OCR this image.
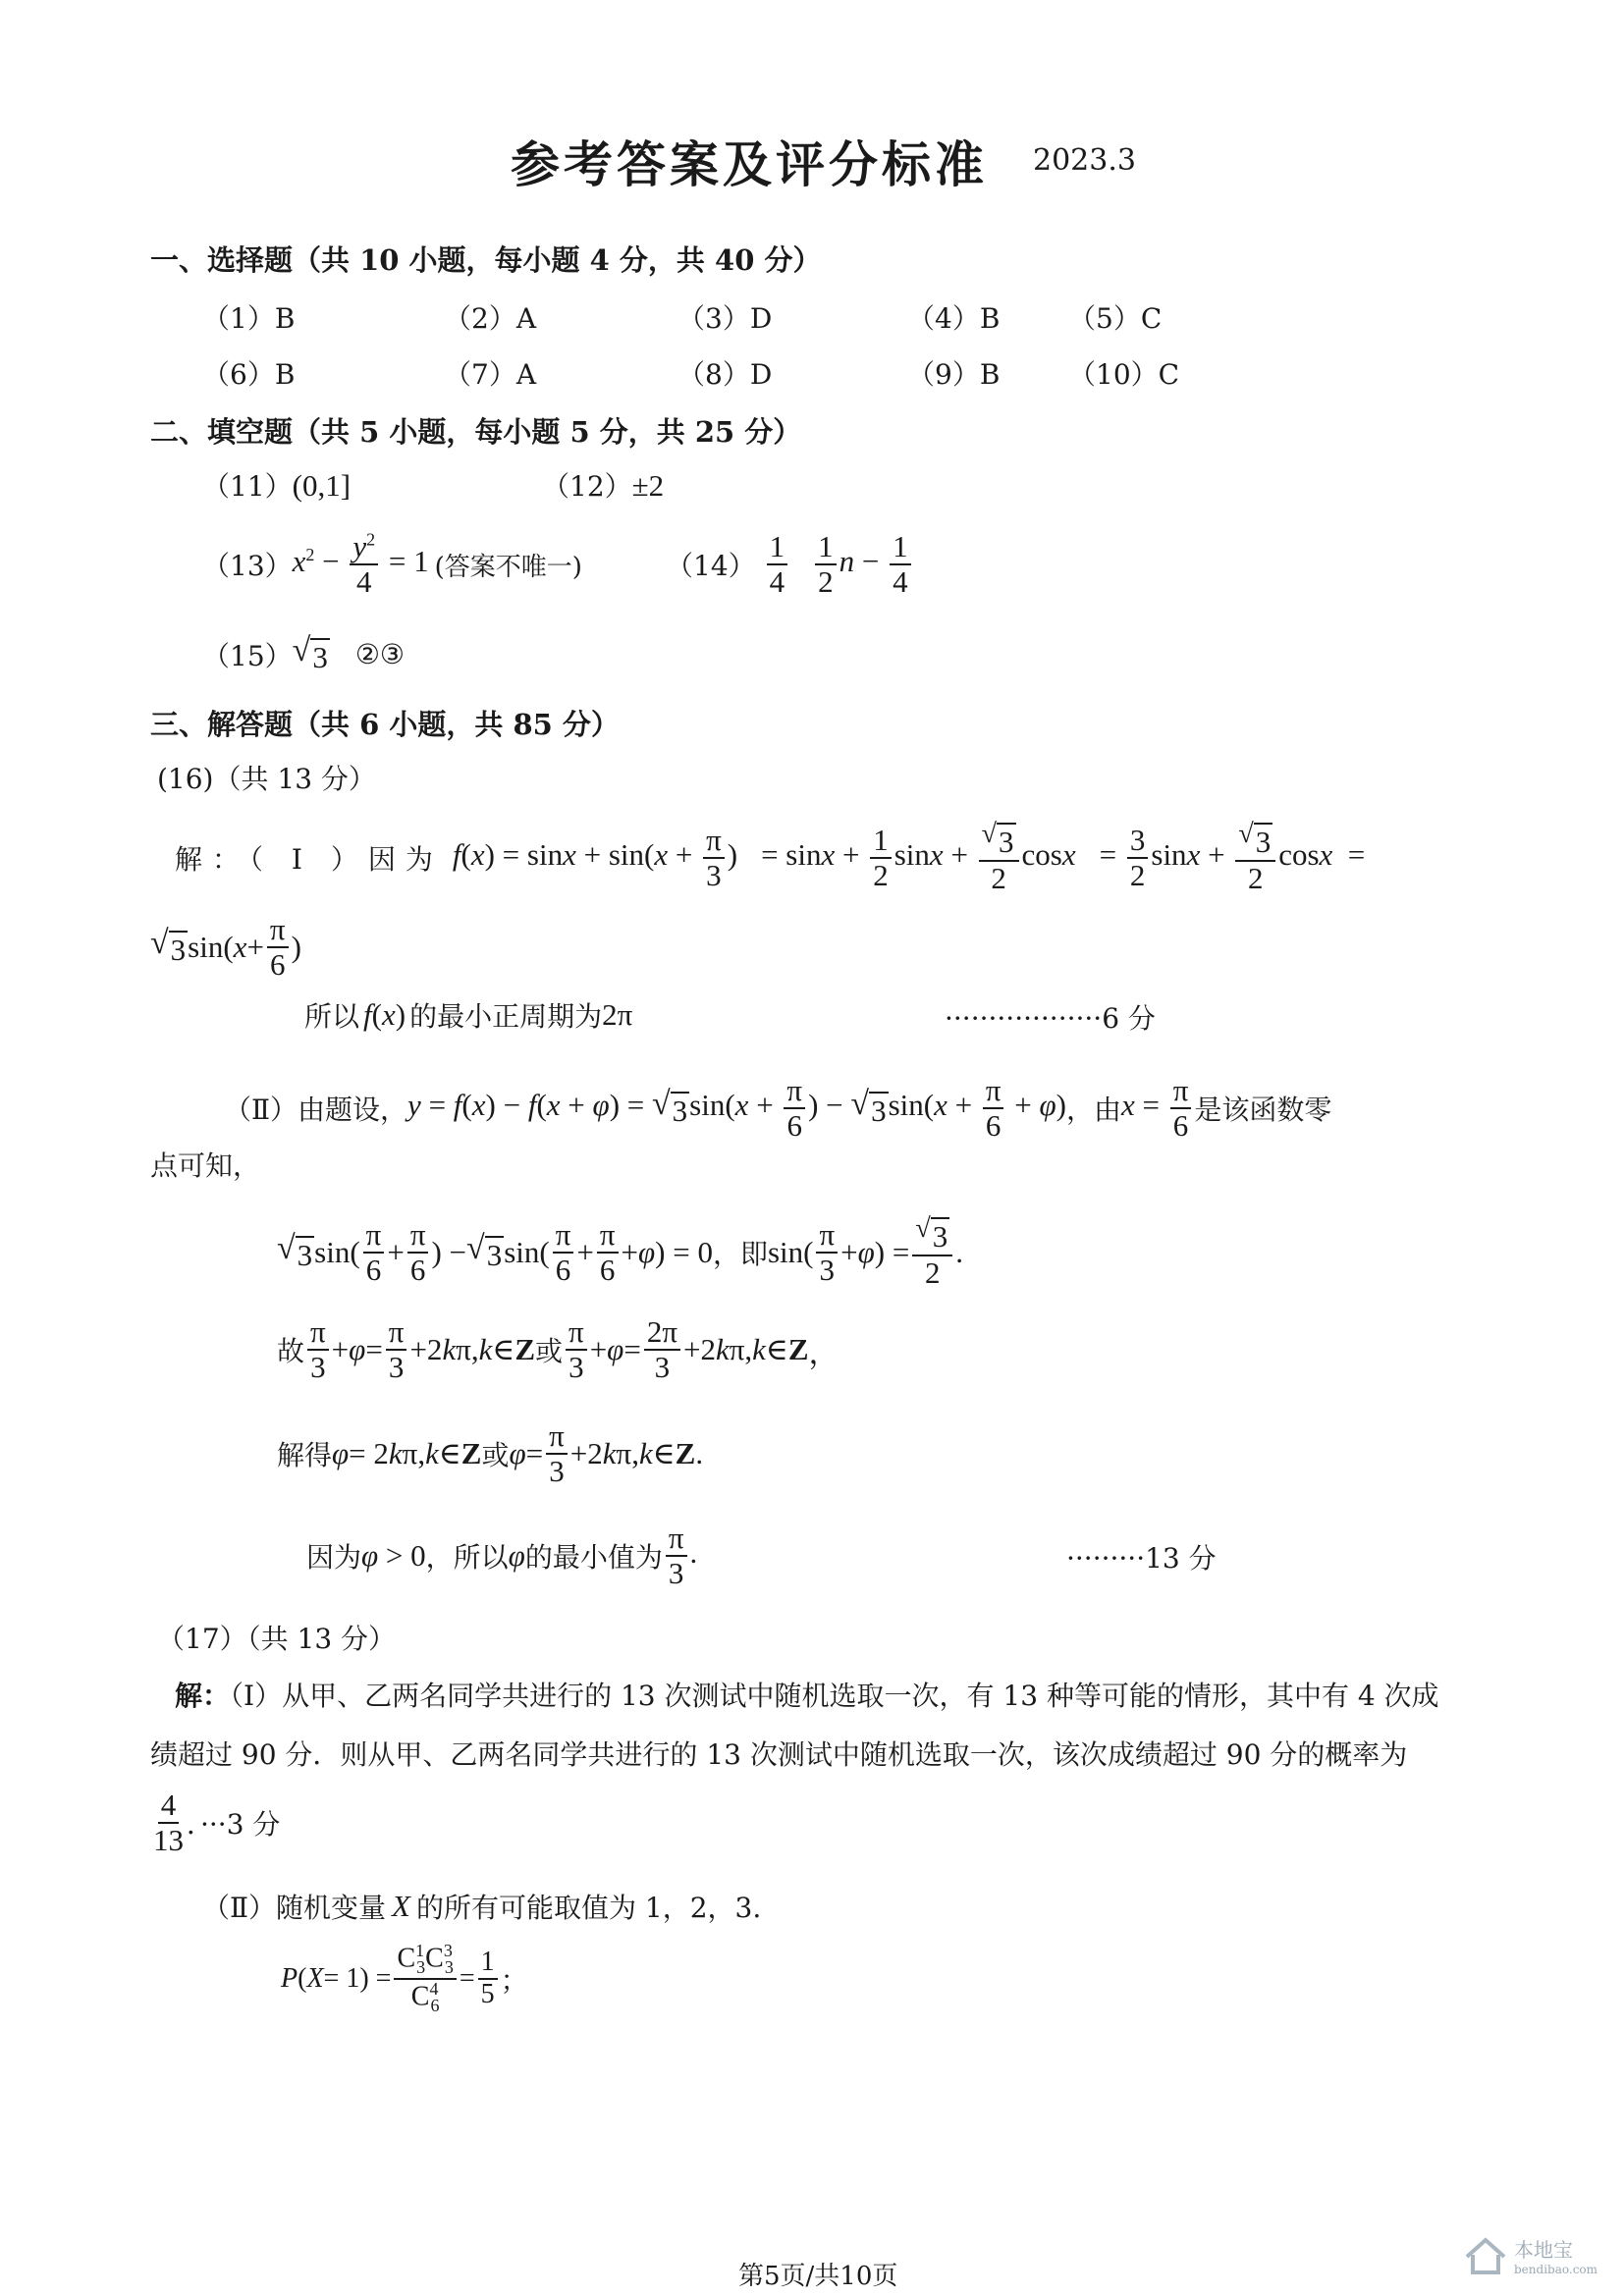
参考答案及评分标准 2023.3
一、选择题（共 10 小题，每小题 4 分，共 40 分）
（1）B	（2）A	（3）D	（4）B （5）C
（6）B	（7）A	（8）D	（9）B （10）C
二、填空题（共 5 小题，每小题 5 分，共 25 分）
（11）(0,1]	（12）±2
（13） $x^2 - \frac{y^2}{4} = 1$ (答案不唯一)	$(14) \frac{1}{4} \frac{1}{2}$ $n - \frac{1}{4}$
（15） √ 3 ②③
三、解答题（共 6 小题，共 85 分）
(16)（共 13 分）
解：（ Ⅰ ）因为 $f(x) = \sin x + \sin(x + \frac{\pi}{3}$ ) = $\sin x + \frac{1}{2}$ $\sin x + \frac{√ 3}{2}$ $\cos x = \frac{3}{2}$ $\sin x + \frac{√ 3}{2}$ cosx  =
√ 3 sin( $x + \frac{\pi}{6}$ )
所以 f(x) 的最小正周期为 2π	··················6 分
（Ⅱ）由题设， y = f(x) − f(x + φ) = √ 3 $\sin(x + \frac{\pi}{6}$ ) − √ 3 $\sin(x + \frac{\pi}{6} + \varphi)$ ，由 $x = \frac{\pi}{6}$ 是该函数零
点可知，
√ 3 $\sin( \frac{\pi}{6} + \frac{\pi}{6}$ ) − √ 3 $\sin( \frac{\pi}{6} + \frac{\pi}{6} + \varphi$ ) = 0 ，即 $\sin( \frac{\pi}{3} + \varphi$ ) = $\frac{√ 3}{2}$ .
故 $\frac{\pi}{3} + \varphi = \frac{\pi}{3} +2$ k π, k ∈ Z 或 $\frac{\pi}{3} + \varphi = \frac{2\pi}{3} +2$ k π, k ∈ Z ，
解得 φ = 2 k π, k ∈ Z 或 $\varphi = \frac{\pi}{3} +2$ k π, k ∈ Z .
因为 φ > 0 ，所以 φ 的最小值为 $\frac{\pi}{3}$ .	·········13 分
（17）（共 13 分）
解：（Ⅰ）从甲、乙两名同学共进行的 13 次测试中随机选取一次，有 13 种等可能的情形，其中有 4 次成
绩超过 90 分．则从甲、乙两名同学共进行的 13 次测试中随机选取一次，该次成绩超过 90 分的概率为
$\frac{4}{13}$ ．···3 分
（Ⅱ）随机变量 X 的所有可能取值为 1，2，3.
P ( $X = 1) = \frac{C^1_3C^3_3}{C^4_6} = \frac{1}{5}$ ；
第5页/共10页
本地宝
bendibao.com
